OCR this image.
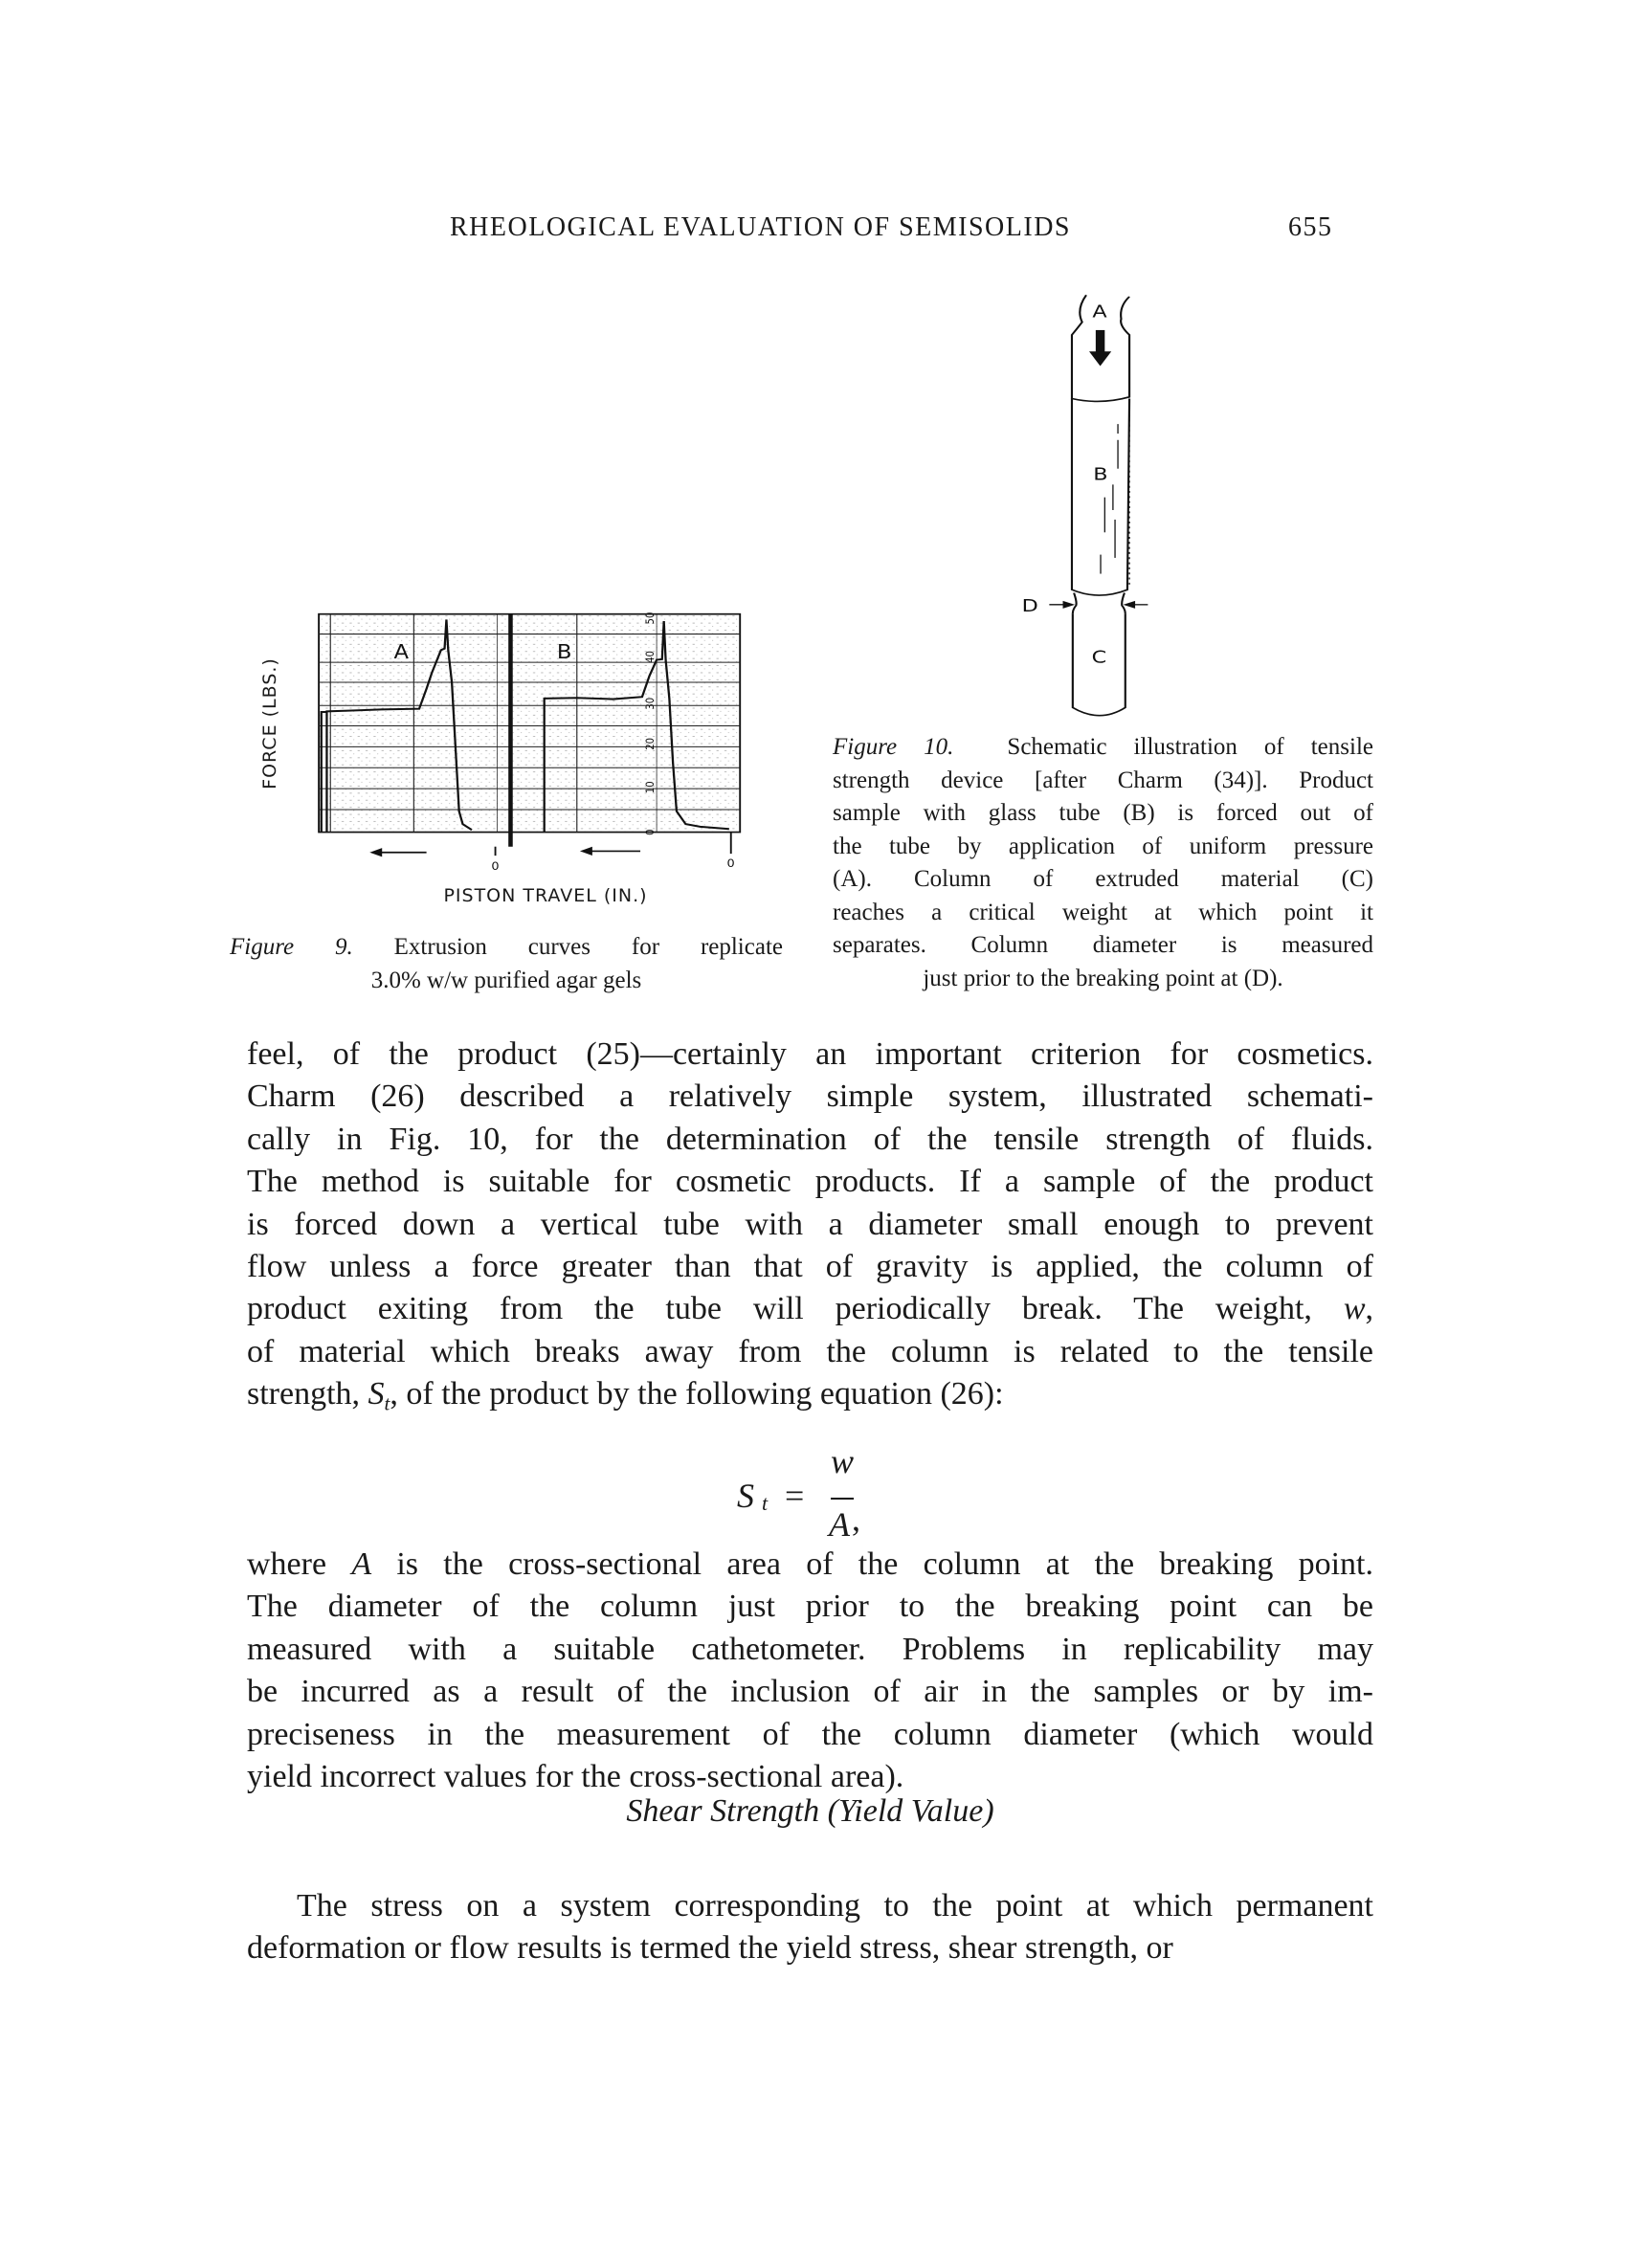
RHEOLOGICAL EVALUATION OF SEMISOLIDS	655
FORCE (LBS.)
A	B
50
40
30
20
10
0
0	0
PISTON TRAVEL (IN.)
Figure 9. Extrusion curves for replicate
3.0% w/w purified agar gels
A
B
C
D
Figure 10. Schematic illustration of tensile
strength device [after Charm (34)]. Product
sample with glass tube (B) is forced out of
the tube by application of uniform pressure
(A). Column of extruded material (C)
reaches a critical weight at which point it
separates. Column diameter is measured
just prior to the breaking point at (D).
feel, of the product (25)—certainly an important criterion for cosmetics.
Charm (26) described a relatively simple system, illustrated schemati-
cally in Fig. 10, for the determination of the tensile strength of fluids.
The method is suitable for cosmetic products. If a sample of the product
is forced down a vertical tube with a diameter small enough to prevent
flow unless a force greater than that of gravity is applied, the column of
product exiting from the tube will periodically break. The weight, w,
of material which breaks away from the column is related to the tensile
strength, $S_t$, of the product by the following equation (26):
S t =
w
A ,
where A is the cross-sectional area of the column at the breaking point.
The diameter of the column just prior to the breaking point can be
measured with a suitable cathetometer. Problems in replicability may
be incurred as a result of the inclusion of air in the samples or by im-
preciseness in the measurement of the column diameter (which would
yield incorrect values for the cross-sectional area).
Shear Strength (Yield Value)
The stress on a system corresponding to the point at which permanent
deformation or flow results is termed the yield stress, shear strength, or
